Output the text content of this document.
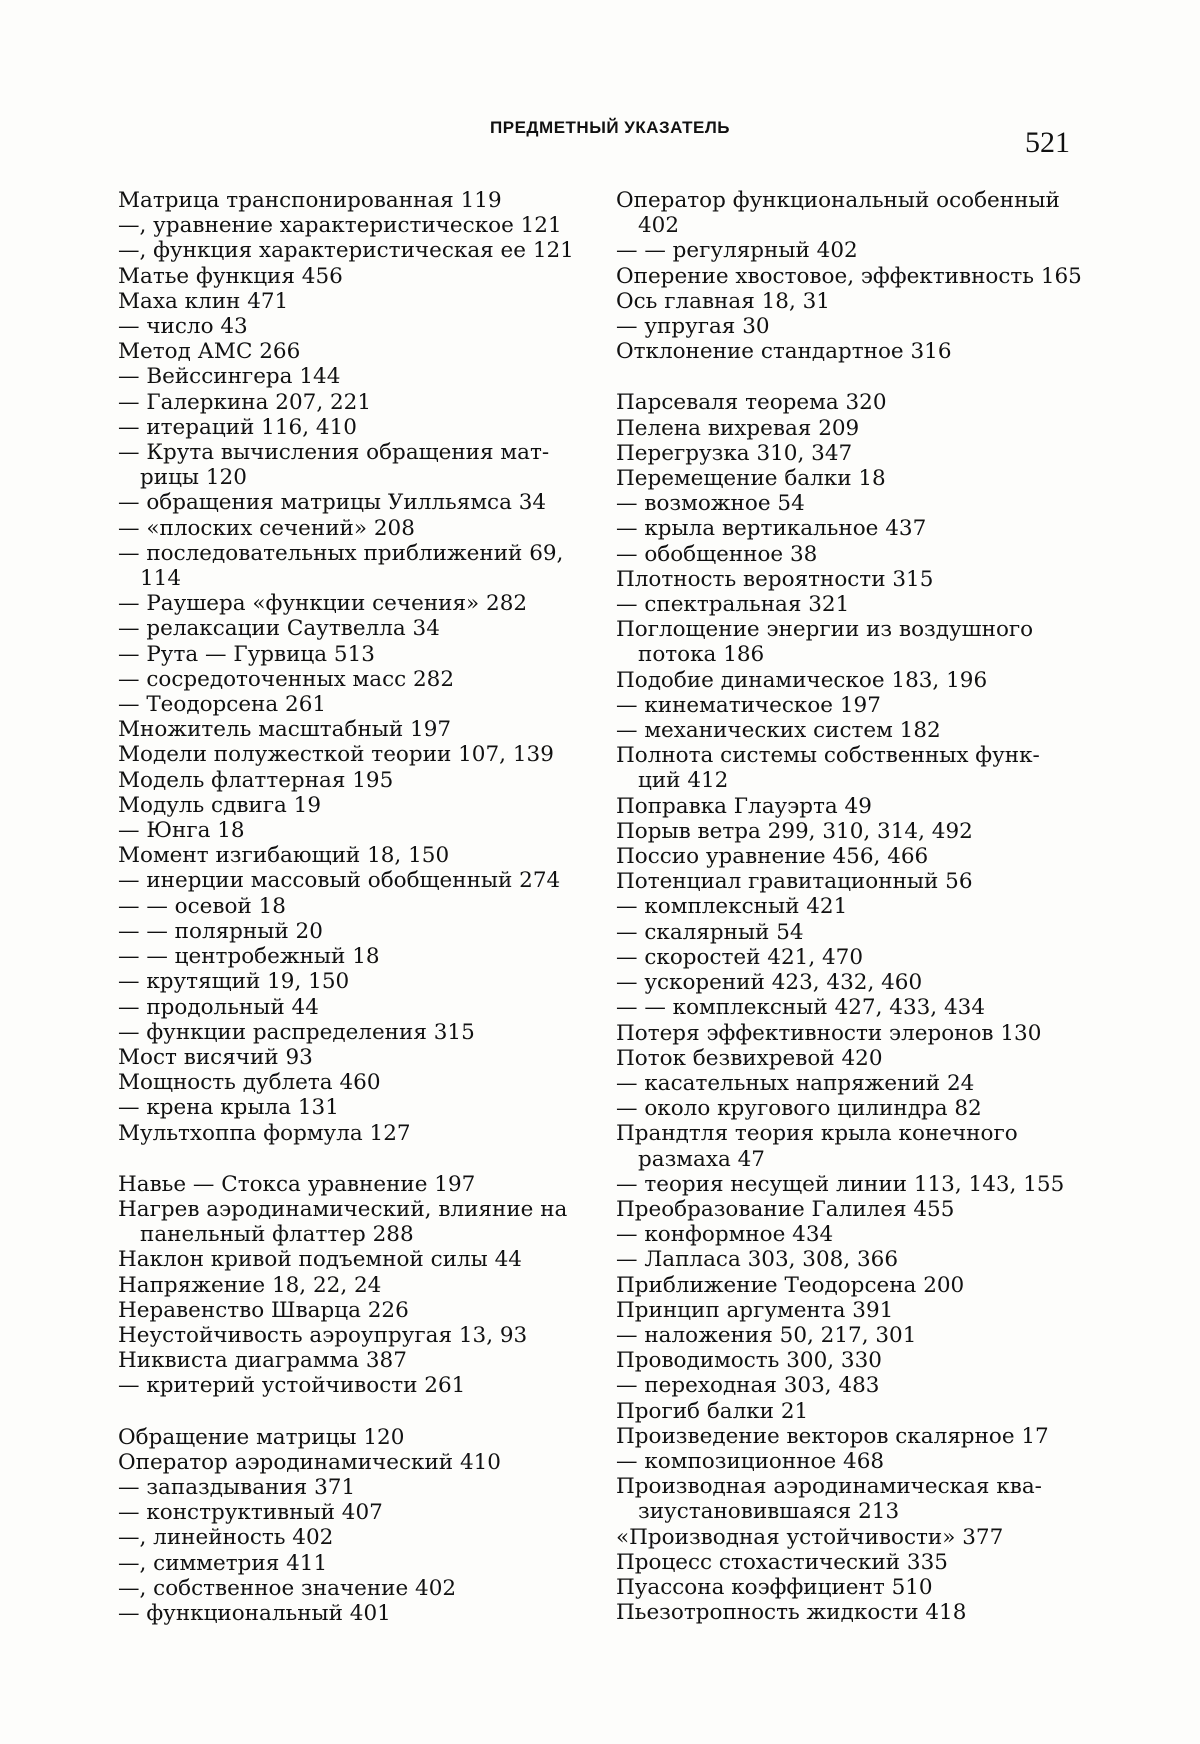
ПРЕДМЕТНЫЙ УКАЗАТЕЛЬ	521
Матрица транспонированная 119
—, уравнение характеристическое 121
—, функция характеристическая ее 121
Матье функция 456
Маха клин 471
— число 43
Метод АМС 266
— Вейссингера 144
— Галеркина 207, 221
— итераций 116, 410
— Крута вычисления обращения мат-
рицы 120
— обращения матрицы Уилльямса 34
— «плоских сечений» 208
— последовательных приближений 69,
114
— Раушера «функции сечения» 282
— релаксации Саутвелла 34
— Рута — Гурвица 513
— сосредоточенных масс 282
— Теодорсена 261
Множитель масштабный 197
Модели полужесткой теории 107, 139
Модель флаттерная 195
Модуль сдвига 19
— Юнга 18
Момент изгибающий 18, 150
— инерции массовый обобщенный 274
— — осевой 18
— — полярный 20
— — центробежный 18
— крутящий 19, 150
— продольный 44
— функции распределения 315
Мост висячий 93
Мощность дублета 460
— крена крыла 131
Мультхоппа формула 127
Навье — Стокса уравнение 197
Нагрев аэродинамический, влияние на
панельный флаттер 288
Наклон кривой подъемной силы 44
Напряжение 18, 22, 24
Неравенство Шварца 226
Неустойчивость аэроупругая 13, 93
Никвиста диаграмма 387
— критерий устойчивости 261
Обращение матрицы 120
Оператор аэродинамический 410
— запаздывания 371
— конструктивный 407
—, линейность 402
—, симметрия 411
—, собственное значение 402
— функциональный 401
Оператор функциональный особенный
402
— — регулярный 402
Оперение хвостовое, эффективность 165
Ось главная 18, 31
— упругая 30
Отклонение стандартное 316
Парсеваля теорема 320
Пелена вихревая 209
Перегрузка 310, 347
Перемещение балки 18
— возможное 54
— крыла вертикальное 437
— обобщенное 38
Плотность вероятности 315
— спектральная 321
Поглощение энергии из воздушного
потока 186
Подобие динамическое 183, 196
— кинематическое 197
— механических систем 182
Полнота системы собственных функ-
ций 412
Поправка Глауэрта 49
Порыв ветра 299, 310, 314, 492
Поссио уравнение 456, 466
Потенциал гравитационный 56
— комплексный 421
— скалярный 54
— скоростей 421, 470
— ускорений 423, 432, 460
— — комплексный 427, 433, 434
Потеря эффективности элеронов 130
Поток безвихревой 420
— касательных напряжений 24
— около кругового цилиндра 82
Прандтля теория крыла конечного
размаха 47
— теория несущей линии 113, 143, 155
Преобразование Галилея 455
— конформное 434
— Лапласа 303, 308, 366
Приближение Теодорсена 200
Принцип аргумента 391
— наложения 50, 217, 301
Проводимость 300, 330
— переходная 303, 483
Прогиб балки 21
Произведение векторов скалярное 17
— композиционное 468
Производная аэродинамическая ква-
зиустановившаяся 213
«Производная устойчивости» 377
Процесс стохастический 335
Пуассона коэффициент 510
Пьезотропность жидкости 418
